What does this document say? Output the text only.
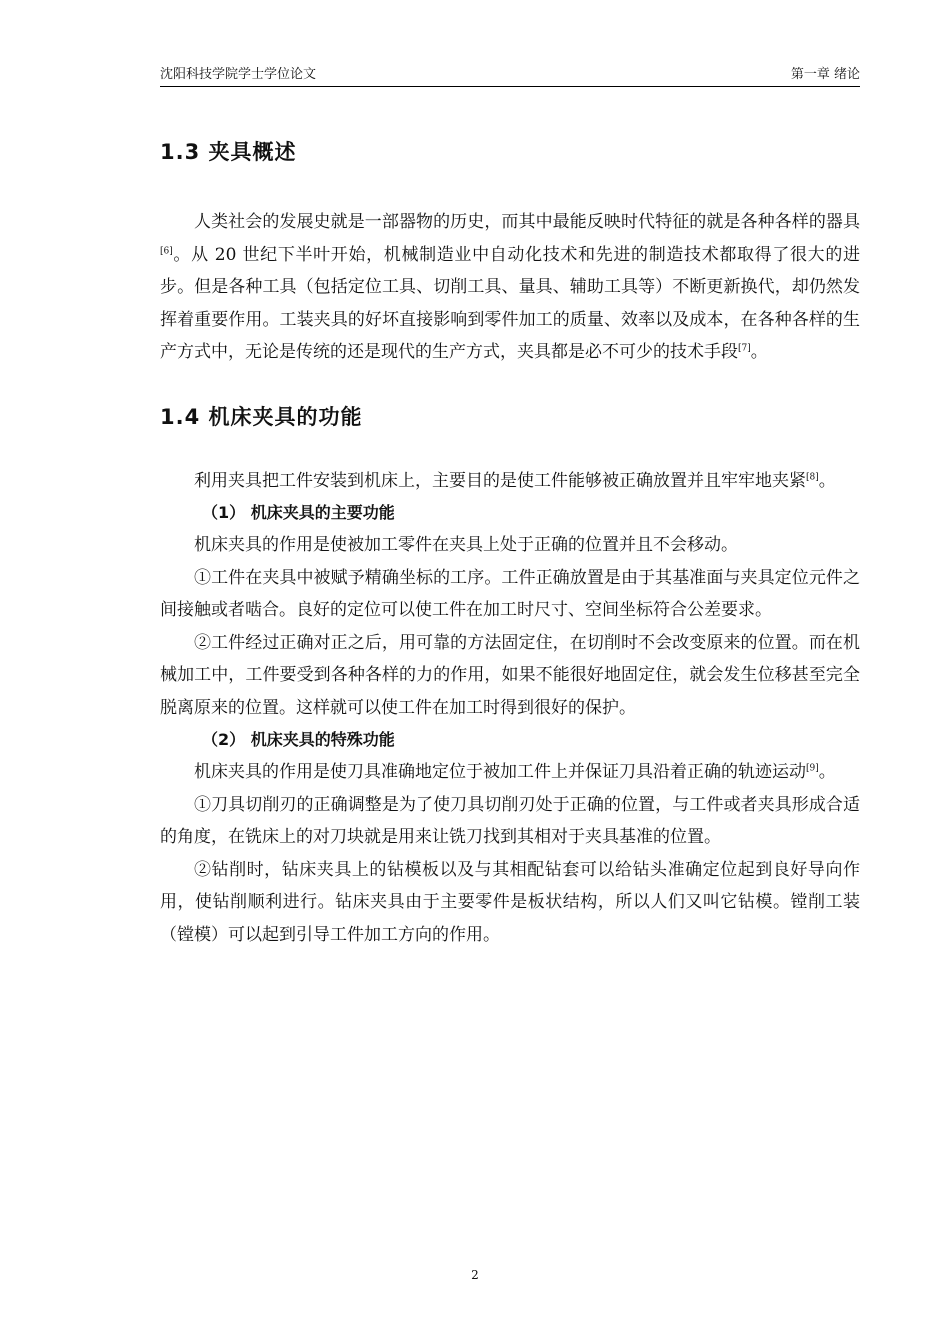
沈阳科技学院学士学位论文	第一章 绪论
1.3 夹具概述

人类社会的发展史就是一部器物的历史，而其中最能反映时代特征的就是各种各样的器具[6]。从 20 世纪下半叶开始，机械制造业中自动化技术和先进的制造技术都取得了很大的进步。但是各种工具（包括定位工具、切削工具、量具、辅助工具等）不断更新换代，却仍然发挥着重要作用。工装夹具的好坏直接影响到零件加工的质量、效率以及成本，在各种各样的生产方式中，无论是传统的还是现代的生产方式，夹具都是必不可少的技术手段[7]。

1.4 机床夹具的功能

利用夹具把工件安装到机床上，主要目的是使工件能够被正确放置并且牢牢地夹紧[8]。

（1） 机床夹具的主要功能

机床夹具的作用是使被加工零件在夹具上处于正确的位置并且不会移动。

①工件在夹具中被赋予精确坐标的工序。工件正确放置是由于其基准面与夹具定位元件之间接触或者啮合。良好的定位可以使工件在加工时尺寸、空间坐标符合公差要求。

②工件经过正确对正之后，用可靠的方法固定住，在切削时不会改变原来的位置。而在机械加工中，工件要受到各种各样的力的作用，如果不能很好地固定住，就会发生位移甚至完全脱离原来的位置。这样就可以使工件在加工时得到很好的保护。

（2） 机床夹具的特殊功能

机床夹具的作用是使刀具准确地定位于被加工件上并保证刀具沿着正确的轨迹运动[9]。

①刀具切削刃的正确调整是为了使刀具切削刃处于正确的位置，与工件或者夹具形成合适的角度，在铣床上的对刀块就是用来让铣刀找到其相对于夹具基准的位置。

②钻削时，钻床夹具上的钻模板以及与其相配钻套可以给钻头准确定位起到良好导向作用，使钻削顺利进行。钻床夹具由于主要零件是板状结构，所以人们又叫它钻模。镗削工装（镗模）可以起到引导工件加工方向的作用。

2
